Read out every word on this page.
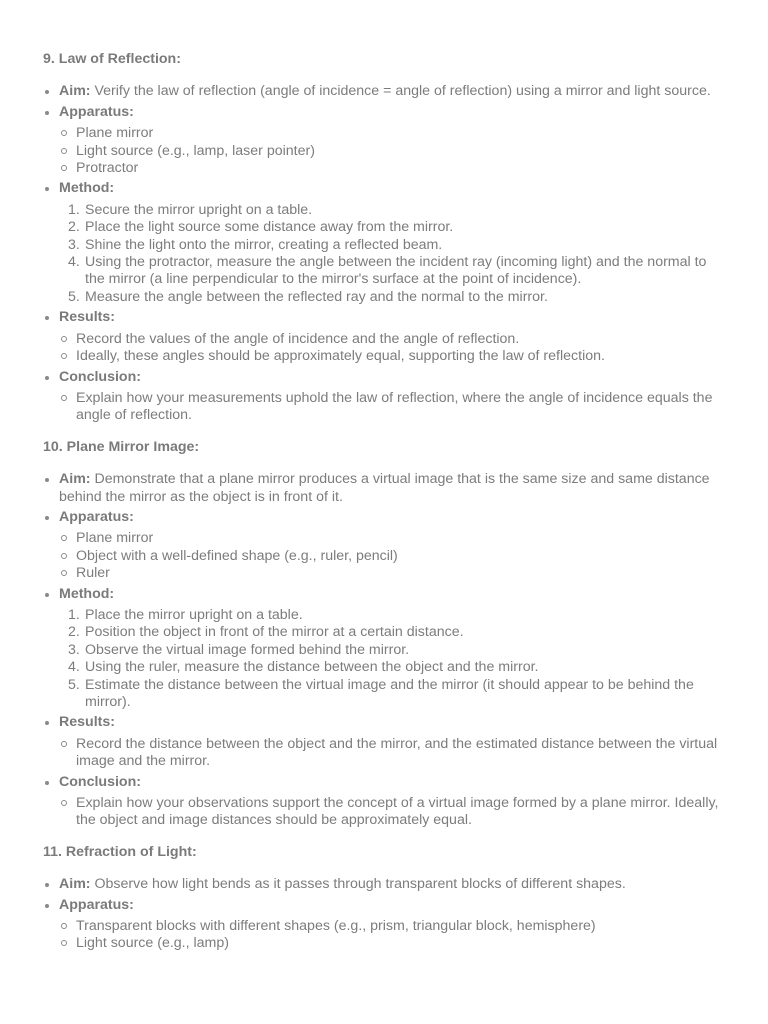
9. Law of Reflection:
Aim: Verify the law of reflection (angle of incidence = angle of reflection) using a mirror and light source.
Apparatus:
Plane mirror
Light source (e.g., lamp, laser pointer)
Protractor
Method:
1. Secure the mirror upright on a table.
2. Place the light source some distance away from the mirror.
3. Shine the light onto the mirror, creating a reflected beam.
4. Using the protractor, measure the angle between the incident ray (incoming light) and the normal to the mirror (a line perpendicular to the mirror's surface at the point of incidence).
5. Measure the angle between the reflected ray and the normal to the mirror.
Results:
Record the values of the angle of incidence and the angle of reflection.
Ideally, these angles should be approximately equal, supporting the law of reflection.
Conclusion:
Explain how your measurements uphold the law of reflection, where the angle of incidence equals the angle of reflection.
10. Plane Mirror Image:
Aim: Demonstrate that a plane mirror produces a virtual image that is the same size and same distance behind the mirror as the object is in front of it.
Apparatus:
Plane mirror
Object with a well-defined shape (e.g., ruler, pencil)
Ruler
Method:
1. Place the mirror upright on a table.
2. Position the object in front of the mirror at a certain distance.
3. Observe the virtual image formed behind the mirror.
4. Using the ruler, measure the distance between the object and the mirror.
5. Estimate the distance between the virtual image and the mirror (it should appear to be behind the mirror).
Results:
Record the distance between the object and the mirror, and the estimated distance between the virtual image and the mirror.
Conclusion:
Explain how your observations support the concept of a virtual image formed by a plane mirror. Ideally, the object and image distances should be approximately equal.
11. Refraction of Light:
Aim: Observe how light bends as it passes through transparent blocks of different shapes.
Apparatus:
Transparent blocks with different shapes (e.g., prism, triangular block, hemisphere)
Light source (e.g., lamp)
